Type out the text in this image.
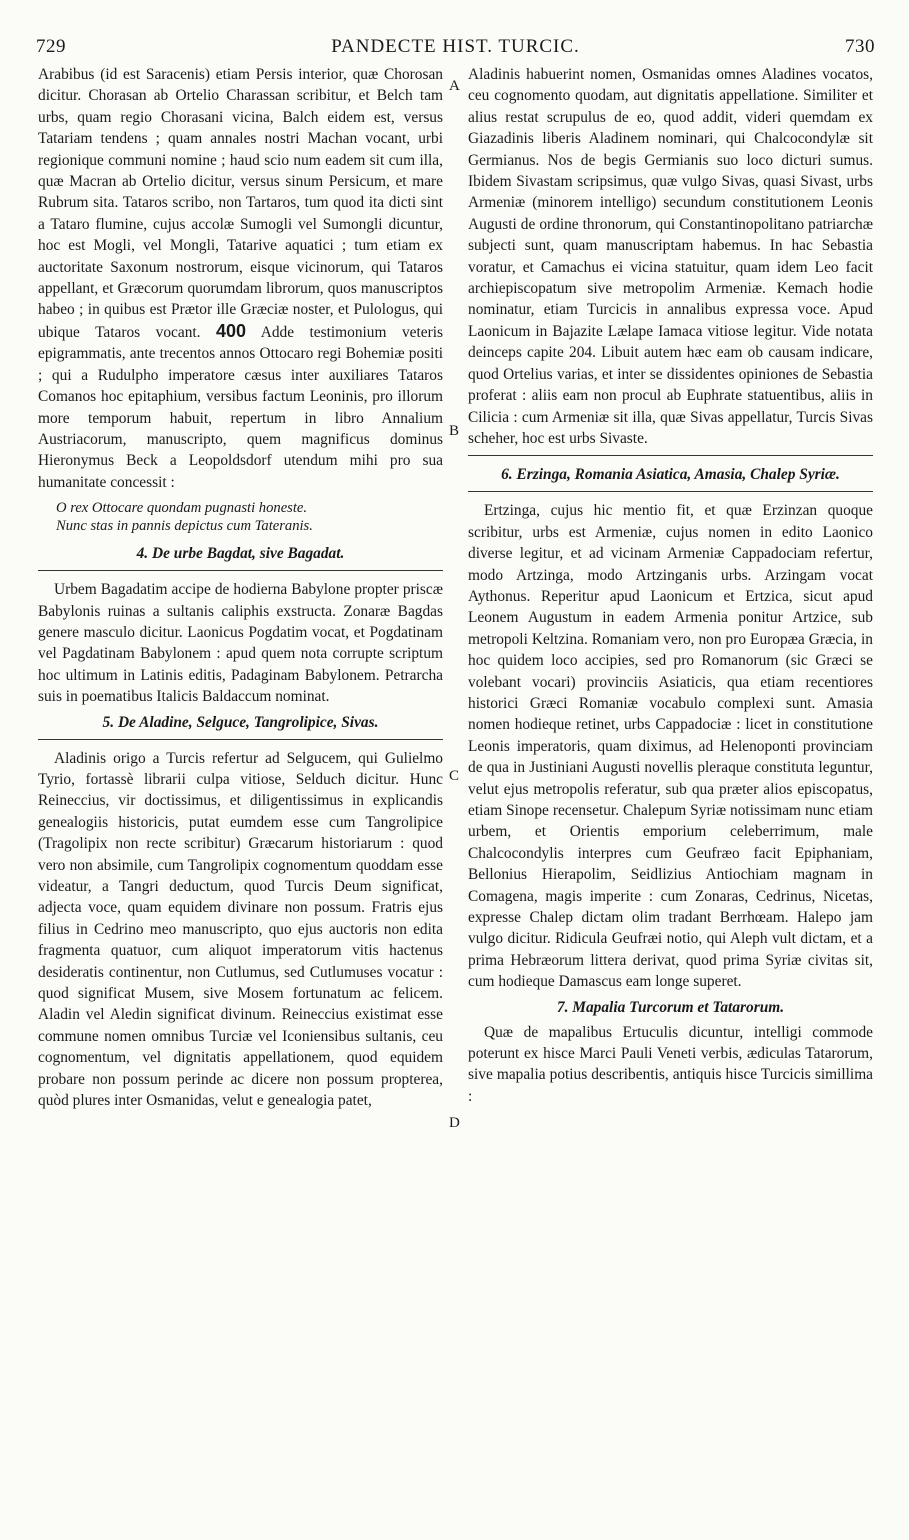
729	PANDECTE HIST. TURCIC.	730
A
B
C
D

Arabibus (id est Saracenis) etiam Persis interior, quæ Chorosan dicitur. Chorasan ab Ortelio Charassan scribitur, et Belch tam urbs, quam regio Chorasani vicina, Balch eidem est, versus Tatariam tendens ; quam annales nostri Machan vocant, urbi regionique communi nomine ; haud scio num eadem sit cum illa, quæ Macran ab Ortelio dicitur, versus sinum Persicum, et mare Rubrum sita. Tataros scribo, non Tartaros, tum quod ita dicti sint a Tataro flumine, cujus accolæ Sumogli vel Sumongli dicuntur, hoc est Mogli, vel Mongli, Tatarive aquatici ; tum etiam ex auctoritate Saxonum nostrorum, eisque vicinorum, qui Tataros appellant, et Græcorum quorumdam librorum, quos manuscriptos habeo ; in quibus est Prætor ille Græciæ noster, et Pulologus, qui ubique Tataros vocant. 400 Adde testimonium veteris epigrammatis, ante trecentos annos Ottocaro regi Bohemiæ positi ; qui a Rudulpho imperatore cæsus inter auxiliares Tataros Comanos hoc epitaphium, versibus factum Leoninis, pro illorum more temporum habuit, repertum in libro Annalium Austriacorum, manuscripto, quem magnificus dominus Hieronymus Beck a Leopoldsdorf utendum mihi pro sua humanitate concessit :

O rex Ottocare quondam pugnasti honeste.
Nunc stas in pannis depictus cum Tateranis.
4. De urbe Bagdat, sive Bagadat.

Urbem Bagadatim accipe de hodierna Babylone propter priscæ Babylonis ruinas a sultanis caliphis exstructa. Zonaræ Bagdas genere masculo dicitur. Laonicus Pogdatim vocat, et Pogdatinam vel Pagdatinam Babylonem : apud quem nota corrupte scriptum hoc ultimum in Latinis editis, Padaginam Babylonem. Petrarcha suis in poematibus Italicis Baldaccum nominat.

5. De Aladine, Selguce, Tangrolipice, Sivas.

Aladinis origo a Turcis refertur ad Selgucem, qui Gulielmo Tyrio, fortassè librarii culpa vitiose, Selduch dicitur. Hunc Reineccius, vir doctissimus, et diligentissimus in explicandis genealogiis historicis, putat eumdem esse cum Tangrolipice (Tragolipix non recte scribitur) Græcarum historiarum : quod vero non absimile, cum Tangrolipix cognomentum quoddam esse videatur, a Tangri deductum, quod Turcis Deum significat, adjecta voce, quam equidem divinare non possum. Fratris ejus filius in Cedrino meo manuscripto, quo ejus auctoris non edita fragmenta quatuor, cum aliquot imperatorum vitis hactenus desideratis continentur, non Cutlumus, sed Cutlumuses vocatur : quod significat Musem, sive Mosem fortunatum ac felicem. Aladin vel Aledin significat divinum. Reineccius existimat esse commune nomen omnibus Turciæ vel Iconiensibus sultanis, ceu cognomentum, vel dignitatis appellationem, quod equidem probare non possum perinde ac dicere non possum propterea, quòd plures inter Osmanidas, velut e genealogia patet,

Aladinis habuerint nomen, Osmanidas omnes Aladines vocatos, ceu cognomento quodam, aut dignitatis appellatione. Similiter et alius restat scrupulus de eo, quod addit, videri quemdam ex Giazadinis liberis Aladinem nominari, qui Chalcocondylæ sit Germianus. Nos de begis Germianis suo loco dicturi sumus. Ibidem Sivastam scripsimus, quæ vulgo Sivas, quasi Sivast, urbs Armeniæ (minorem intelligo) secundum constitutionem Leonis Augusti de ordine thronorum, qui Constantinopolitano patriarchæ subjecti sunt, quam manuscriptam habemus. In hac Sebastia voratur, et Camachus ei vicina statuitur, quam idem Leo facit archiepiscopatum sive metropolim Armeniæ. Kemach hodie nominatur, etiam Turcicis in annalibus expressa voce. Apud Laonicum in Bajazite Lælape Iamaca vitiose legitur. Vide notata deinceps capite 204. Libuit autem hæc eam ob causam indicare, quod Ortelius varias, et inter se dissidentes opiniones de Sebastia proferat : aliis eam non procul ab Euphrate statuentibus, aliis in Cilicia : cum Armeniæ sit illa, quæ Sivas appellatur, Turcis Sivas scheher, hoc est urbs Sivaste.

6. Erzinga, Romania Asiatica, Amasia, Chalep Syriæ.

Ertzinga, cujus hic mentio fit, et quæ Erzinzan quoque scribitur, urbs est Armeniæ, cujus nomen in edito Laonico diverse legitur, et ad vicinam Armeniæ Cappadociam refertur, modo Artzinga, modo Artzinganis urbs. Arzingam vocat Aythonus. Reperitur apud Laonicum et Ertzica, sicut apud Leonem Augustum in eadem Armenia ponitur Artzice, sub metropoli Keltzina. Romaniam vero, non pro Europæa Græcia, in hoc quidem loco accipies, sed pro Romanorum (sic Græci se volebant vocari) provinciis Asiaticis, qua etiam recentiores historici Græci Romaniæ vocabulo complexi sunt. Amasia nomen hodieque retinet, urbs Cappadociæ : licet in constitutione Leonis imperatoris, quam diximus, ad Helenoponti provinciam de qua in Justiniani Augusti novellis pleraque constituta leguntur, velut ejus metropolis referatur, sub qua præter alios episcopatus, etiam Sinope recensetur. Chalepum Syriæ notissimam nunc etiam urbem, et Orientis emporium celeberrimum, male Chalcocondylis interpres cum Geufræo facit Epiphaniam, Bellonius Hierapolim, Seidlizius Antiochiam magnam in Comagena, magis imperite : cum Zonaras, Cedrinus, Nicetas, expresse Chalep dictam olim tradant Berrhœam. Halepo jam vulgo dicitur. Ridicula Geufræi notio, qui Aleph vult dictam, et a prima Hebræorum littera derivat, quod prima Syriæ civitas sit, cum hodieque Damascus eam longe superet.

7. Mapalia Turcorum et Tatarorum.

Quæ de mapalibus Ertuculis dicuntur, intelligi commode poterunt ex hisce Marci Pauli Veneti verbis, ædiculas Tatarorum, sive mapalia potius describentis, antiquis hisce Turcicis simillima :
